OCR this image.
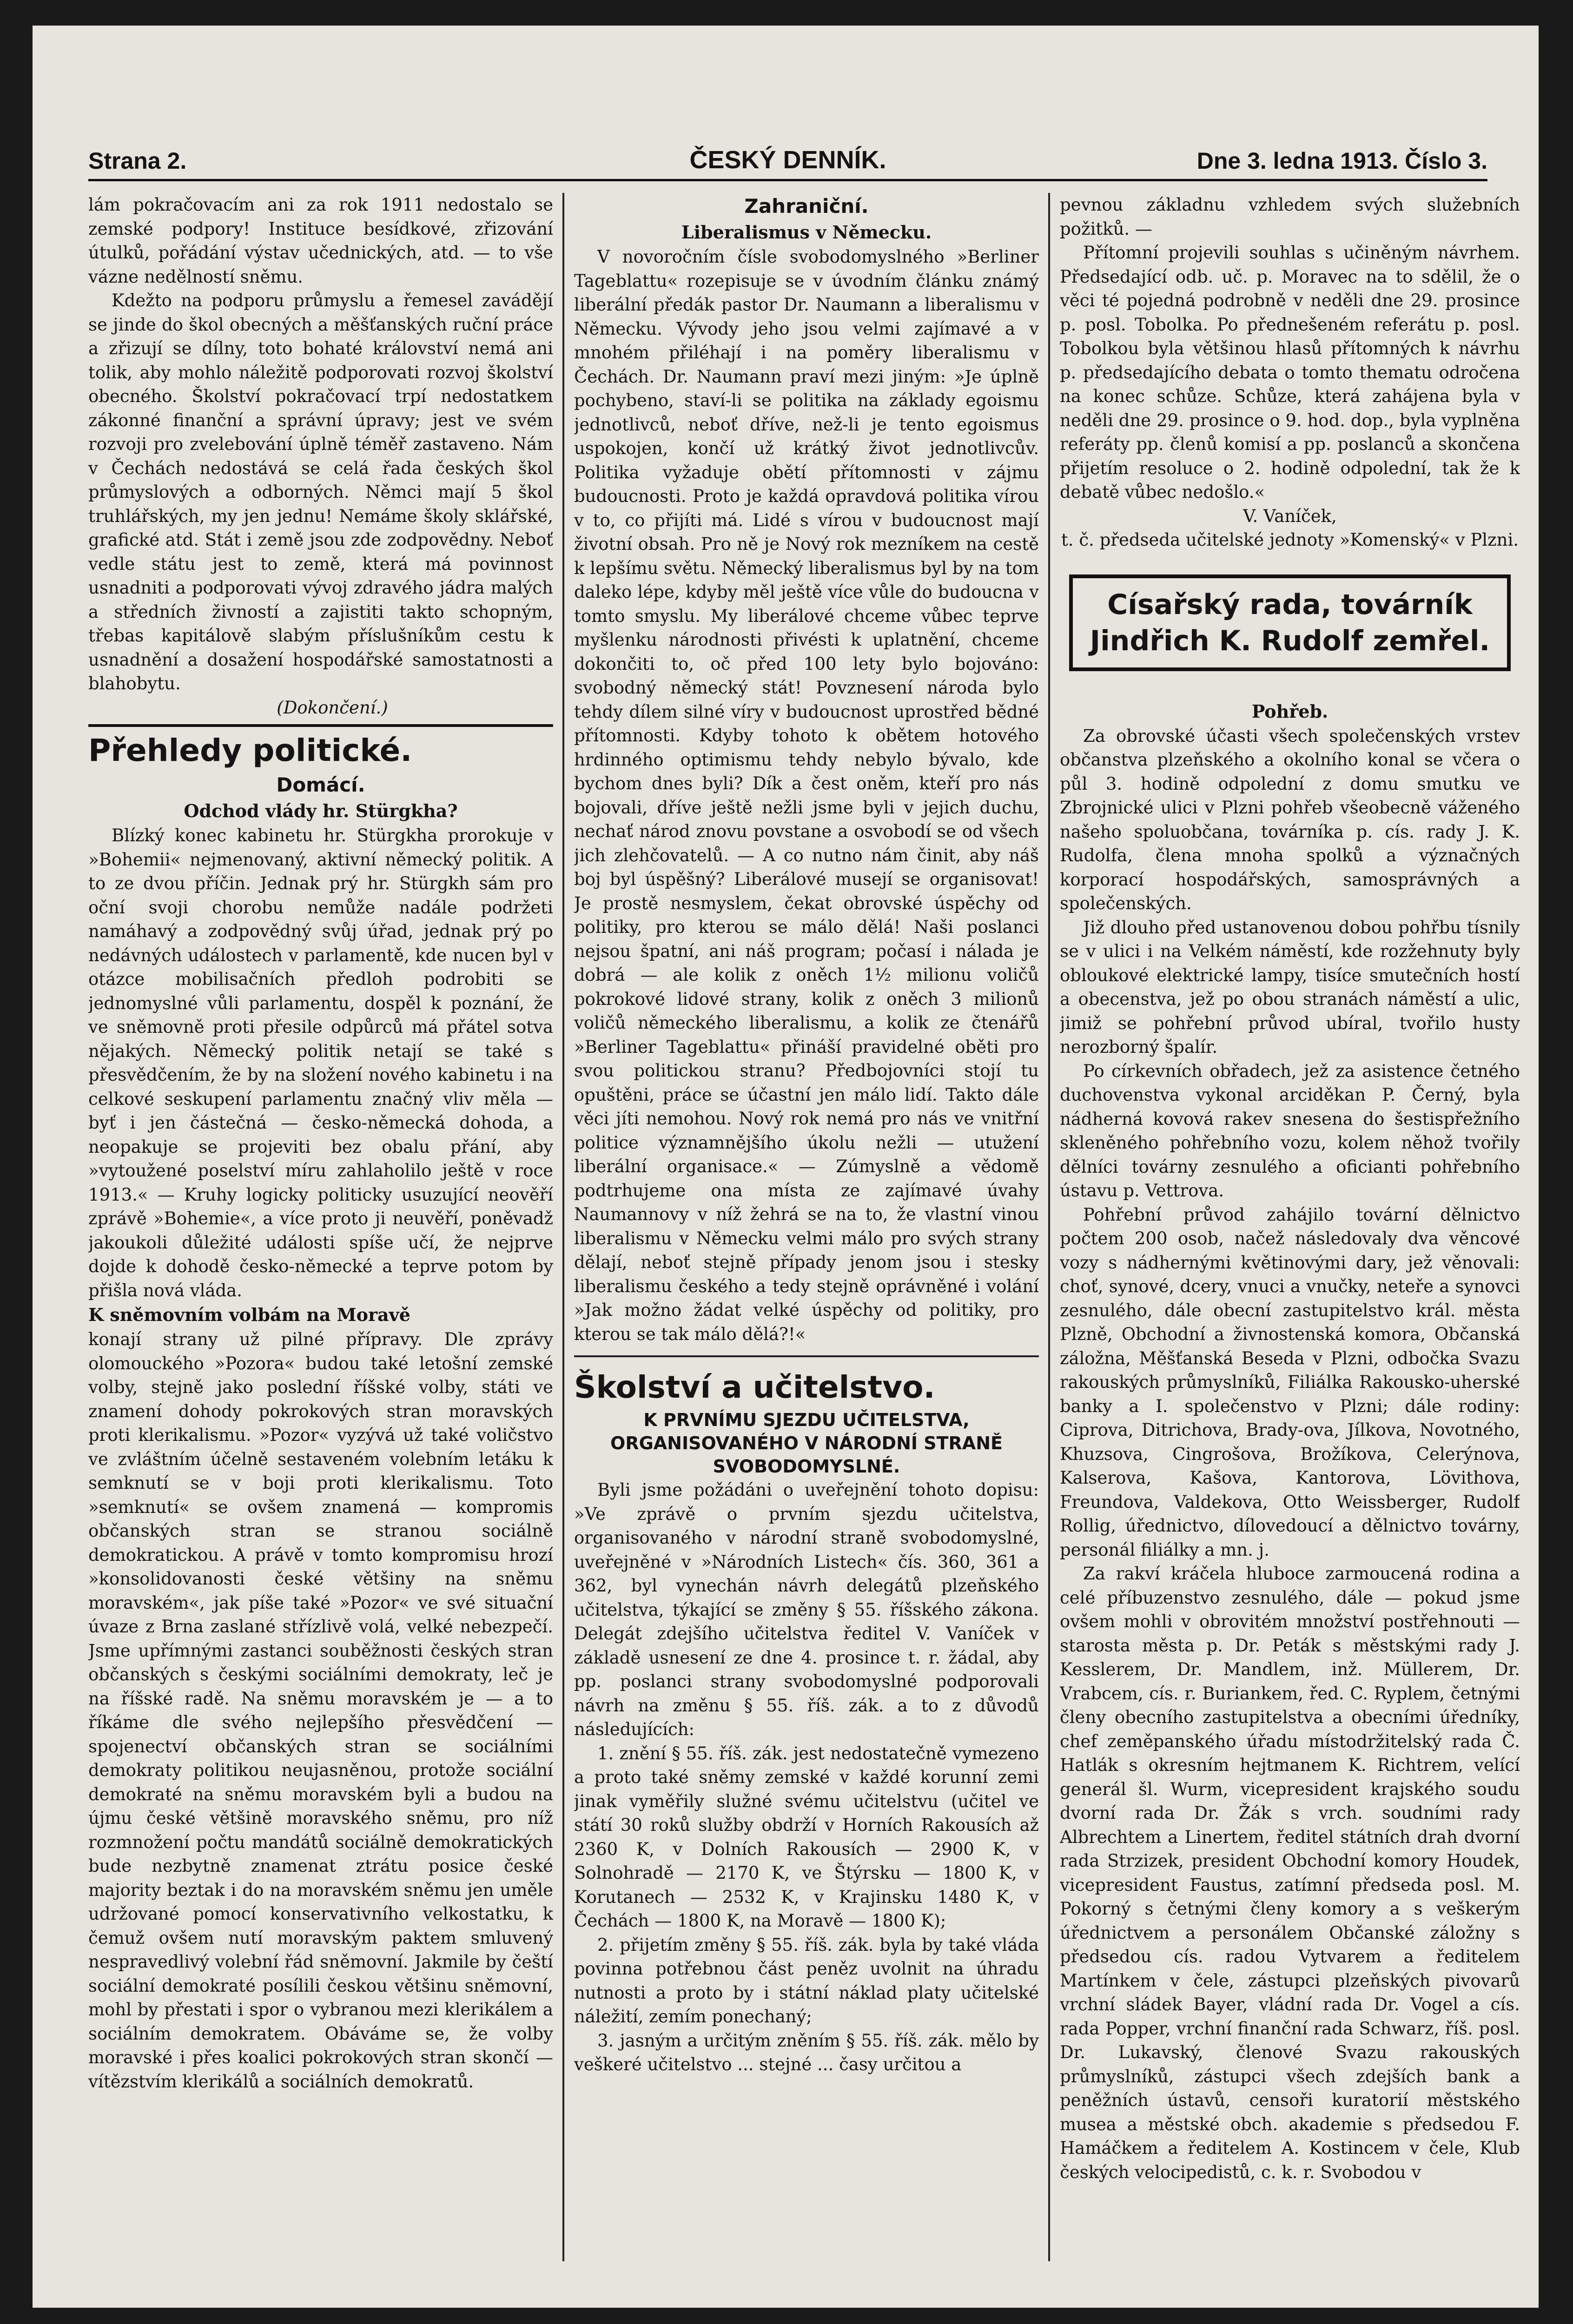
Strana 2.	ČESKÝ DENNÍK.	Dne 3. ledna 1913. Číslo 3.

lám pokračovacím ani za rok 1911 nedostalo se zemské podpory! Instituce besídkové, zřizování útulků, pořádání výstav učednických, atd. — to vše vázne nedělností sněmu.

Kdežto na podporu průmyslu a řemesel zavádějí se jinde do škol obecných a měšťanských ruční práce a zřizují se dílny, toto bohaté království nemá ani tolik, aby mohlo náležitě podporovati rozvoj školství obecného. Školství pokračovací trpí nedostatkem zákonné finanční a správní úpravy; jest ve svém rozvoji pro zvelebování úplně téměř zastaveno. Nám v Čechách nedostává se celá řada českých škol průmyslových a odborných. Němci mají 5 škol truhlářských, my jen jednu! Nemáme školy sklářské, grafické atd. Stát i země jsou zde zodpovědny. Neboť vedle státu jest to země, která má povinnost usnadniti a podporovati vývoj zdravého jádra malých a středních živností a zajistiti takto schopným, třebas kapitálově slabým příslušníkům cestu k usnadnění a dosažení hospodářské samostatnosti a blahobytu.

(Dokončení.)

Přehledy politické.
Domácí.
Odchod vlády hr. Stürgkha?

Blízký konec kabinetu hr. Stürgkha prorokuje v »Bohemii« nejmenovaný, aktivní německý politik. A to ze dvou příčin. Jednak prý hr. Stürgkh sám pro oční svoji chorobu nemůže nadále podržeti namáhavý a zodpovědný svůj úřad, jednak prý po nedávných událostech v parlamentě, kde nucen byl v otázce mobilisačních předloh podrobiti se jednomyslné vůli parlamentu, dospěl k poznání, že ve sněmovně proti přesile odpůrců má přátel sotva nějakých. Německý politik netají se také s přesvědčením, že by na složení nového kabinetu i na celkové seskupení parlamentu značný vliv měla — byť i jen částečná — česko-německá dohoda, a neopakuje se projeviti bez obalu přání, aby »vytoužené poselství míru zahlaholilo ještě v roce 1913.« — Kruhy logicky politicky usuzující neověří zprávě »Bohemie«, a více proto ji neuvěří, poněvadž jakoukoli důležité události spíše učí, že nejprve dojde k dohodě česko-německé a teprve potom by přišla nová vláda.

K sněmovním volbám na Moravě

konají strany už pilné přípravy. Dle zprávy olomouckého »Pozora« budou také letošní zemské volby, stejně jako poslední říšské volby, státi ve znamení dohody pokrokových stran moravských proti klerikalismu. »Pozor« vyzývá už také voličstvo ve zvláštním účelně sestaveném volebním letáku k semknutí se v boji proti klerikalismu. Toto »semknutí« se ovšem znamená — kompromis občanských stran se stranou sociálně demokratickou. A právě v tomto kompromisu hrozí »konsolidovanosti české většiny na sněmu moravském«, jak píše také »Pozor« ve své situační úvaze z Brna zaslané střízlivě volá, velké nebezpečí. Jsme upřímnými zastanci souběžnosti českých stran občanských s českými sociálními demokraty, leč je na říšské radě. Na sněmu moravském je — a to říkáme dle svého nejlepšího přesvědčení — spojenectví občanských stran se sociálními demokraty politikou neujasněnou, protože sociální demokraté na sněmu moravském byli a budou na újmu české většině moravského sněmu, pro níž rozmnožení počtu mandátů sociálně demokratických bude nezbytně znamenat ztrátu posice české majority beztak i do na moravském sněmu jen uměle udržované pomocí konservativního velkostatku, k čemuž ovšem nutí moravským paktem smluvený nespravedlivý volební řád sněmovní. Jakmile by čeští sociální demokraté posílili českou většinu sněmovní, mohl by přestati i spor o vybranou mezi klerikálem a sociálním demokratem. Obáváme se, že volby moravské i přes koalici pokrokových stran skončí — vítězstvím klerikálů a sociálních demokratů.

Zahraniční.
Liberalismus v Německu.

V novoročním čísle svobodomyslného »Berliner Tageblattu« rozepisuje se v úvodním článku známý liberální předák pastor Dr. Naumann a liberalismu v Německu. Vývody jeho jsou velmi zajímavé a v mnohém přiléhají i na poměry liberalismu v Čechách. Dr. Naumann praví mezi jiným: »Je úplně pochybeno, staví-li se politika na základy egoismu jednotlivců, neboť dříve, než-li je tento egoismus uspokojen, končí už krátký život jednotlivcův. Politika vyžaduje obětí přítomnosti v zájmu budoucnosti. Proto je každá opravdová politika vírou v to, co přijíti má. Lidé s vírou v budoucnost mají životní obsah. Pro ně je Nový rok mezníkem na cestě k lepšímu světu. Německý liberalismus byl by na tom daleko lépe, kdyby měl ještě více vůle do budoucna v tomto smyslu. My liberálové chceme vůbec teprve myšlenku národnosti přivésti k uplatnění, chceme dokončiti to, oč před 100 lety bylo bojováno: svobodný německý stát! Povznesení národa bylo tehdy dílem silné víry v budoucnost uprostřed bědné přítomnosti. Kdyby tohoto k obětem hotového hrdinného optimismu tehdy nebylo bývalo, kde bychom dnes byli? Dík a čest oněm, kteří pro nás bojovali, dříve ještě nežli jsme byli v jejich duchu, nechať národ znovu povstane a osvobodí se od všech jich zlehčovatelů. — A co nutno nám činit, aby náš boj byl úspěšný? Liberálové musejí se organisovat! Je prostě nesmyslem, čekat obrovské úspěchy od politiky, pro kterou se málo dělá! Naši poslanci nejsou špatní, ani náš program; počasí i nálada je dobrá — ale kolik z oněch 1½ milionu voličů pokrokové lidové strany, kolik z oněch 3 milionů voličů německého liberalismu, a kolik ze čtenářů »Berliner Tageblattu« přináší pravidelné oběti pro svou politickou stranu? Předbojovníci stojí tu opuštěni, práce se účastní jen málo lidí. Takto dále věci jíti nemohou. Nový rok nemá pro nás ve vnitřní politice významnějšího úkolu nežli — utužení liberální organisace.« — Zúmyslně a vědomě podtrhujeme ona místa ze zajímavé úvahy Naumannovy v níž žehrá se na to, že vlastní vinou liberalismu v Německu velmi málo pro svých strany dělají, neboť stejně případy jenom jsou i stesky liberalismu českého a tedy stejně oprávněné i volání »Jak možno žádat velké úspěchy od politiky, pro kterou se tak málo dělá?!«

Školství a učitelstvo.
K PRVNÍMU SJEZDU UČITELSTVA, ORGANISOVANÉHO V NÁRODNÍ STRANĚ SVOBODOMYSLNÉ.

Byli jsme požádáni o uveřejnění tohoto dopisu: »Ve zprávě o prvním sjezdu učitelstva, organisovaného v národní straně svobodomyslné, uveřejněné v »Národních Listech« čís. 360, 361 a 362, byl vynechán návrh delegátů plzeňského učitelstva, týkající se změny § 55. říšského zákona. Delegát zdejšího učitelstva ředitel V. Vaníček v základě usnesení ze dne 4. prosince t. r. žádal, aby pp. poslanci strany svobodomyslné podporovali návrh na změnu § 55. říš. zák. a to z důvodů následujících:

1. znění § 55. říš. zák. jest nedostatečně vymezeno a proto také sněmy zemské v každé korunní zemi jinak vyměřily služné svému učitelstvu (učitel ve státí 30 roků služby obdrží v Horních Rakousích až 2360 K, v Dolních Rakousích — 2900 K, v Solnohradě — 2170 K, ve Štýrsku — 1800 K, v Korutanech — 2532 K, v Krajinsku 1480 K, v Čechách — 1800 K, na Moravě — 1800 K);

2. přijetím změny § 55. říš. zák. byla by také vláda povinna potřebnou část peněz uvolnit na úhradu nutnosti a proto by i státní náklad platy učitelské náležití, zemím ponechaný;

3. jasným a určitým zněním § 55. říš. zák. mělo by veškeré učitelstvo ... stejné ... časy určitou a

pevnou základnu vzhledem svých služebních požitků. —

Přítomní projevili souhlas s učiněným návrhem. Předsedající odb. uč. p. Moravec na to sdělil, že o věci té pojedná podrobně v neděli dne 29. prosince p. posl. Tobolka. Po přednešeném referátu p. posl. Tobolkou byla většinou hlasů přítomných k návrhu p. předsedajícího debata o tomto thematu odročena na konec schůze. Schůze, která zahájena byla v neděli dne 29. prosince o 9. hod. dop., byla vyplněna referáty pp. členů komisí a pp. poslanců a skončena přijetím resoluce o 2. hodině odpolední, tak že k debatě vůbec nedošlo.«

V. Vaníček,
t. č. předseda učitelské jednoty »Komenský« v Plzni.
Císařský rada, továrník Jindřich K. Rudolf zemřel.
Pohřeb.

Za obrovské účasti všech společenských vrstev občanstva plzeňského a okolního konal se včera o půl 3. hodině odpolední z domu smutku ve Zbrojnické ulici v Plzni pohřeb všeobecně váženého našeho spoluobčana, továrníka p. cís. rady J. K. Rudolfa, člena mnoha spolků a význačných korporací hospodářských, samosprávných a společenských.

Již dlouho před ustanovenou dobou pohřbu tísnily se v ulici i na Velkém náměstí, kde rozžehnuty byly obloukové elektrické lampy, tisíce smutečních hostí a obecenstva, jež po obou stranách náměstí a ulic, jimiž se pohřební průvod ubíral, tvořilo husty nerozborný špalír.

Po církevních obřadech, jež za asistence četného duchovenstva vykonal arciděkan P. Černý, byla nádherná kovová rakev snesena do šestispřežního skleněného pohřebního vozu, kolem něhož tvořily dělníci továrny zesnulého a oficianti pohřebního ústavu p. Vettrova.

Pohřební průvod zahájilo tovární dělnictvo počtem 200 osob, načež následovaly dva věncové vozy s nádhernými květinovými dary, jež věnovali: choť, synové, dcery, vnuci a vnučky, neteře a synovci zesnulého, dále obecní zastupitelstvo král. města Plzně, Obchodní a živnostenská komora, Občanská záložna, Měšťanská Beseda v Plzni, odbočka Svazu rakouských průmyslníků, Filiálka Rakousko-uherské banky a I. společenstvo v Plzni; dále rodiny: Ciprova, Ditrichova, Brady-ova, Jílkova, Novotného, Khuzsova, Cingrošova, Brožíkova, Celerýnova, Kalserova, Kašova, Kantorova, Lövithova, Freundova, Valdekova, Otto Weissberger, Rudolf Rollig, úřednictvo, dílovedoucí a dělnictvo továrny, personál filiálky a mn. j.

Za rakví kráčela hluboce zarmoucená rodina a celé příbuzenstvo zesnulého, dále — pokud jsme ovšem mohli v obrovitém množství postřehnouti — starosta města p. Dr. Peták s městskými rady J. Kesslerem, Dr. Mandlem, inž. Müllerem, Dr. Vrabcem, cís. r. Buriankem, řed. C. Ryplem, četnými členy obecního zastupitelstva a obecními úředníky, chef zeměpanského úřadu místodržitelský rada Č. Hatlák s okresním hejtmanem K. Richtrem, velící generál šl. Wurm, vicepresident krajského soudu dvorní rada Dr. Žák s vrch. soudními rady Albrechtem a Linertem, ředitel státních drah dvorní rada Strzizek, president Obchodní komory Houdek, vicepresident Faustus, zatímní předseda posl. M. Pokorný s četnými členy komory a s veškerým úřednictvem a personálem Občanské záložny s předsedou cís. radou Vytvarem a ředitelem Martínkem v čele, zástupci plzeňských pivovarů vrchní sládek Bayer, vládní rada Dr. Vogel a cís. rada Popper, vrchní finanční rada Schwarz, říš. posl. Dr. Lukavský, členové Svazu rakouských průmyslníků, zástupci všech zdejších bank a peněžních ústavů, censoři kuratorií městského musea a městské obch. akademie s předsedou F. Hamáčkem a ředitelem A. Kostincem v čele, Klub českých velocipedistů, c. k. r. Svobodou v
